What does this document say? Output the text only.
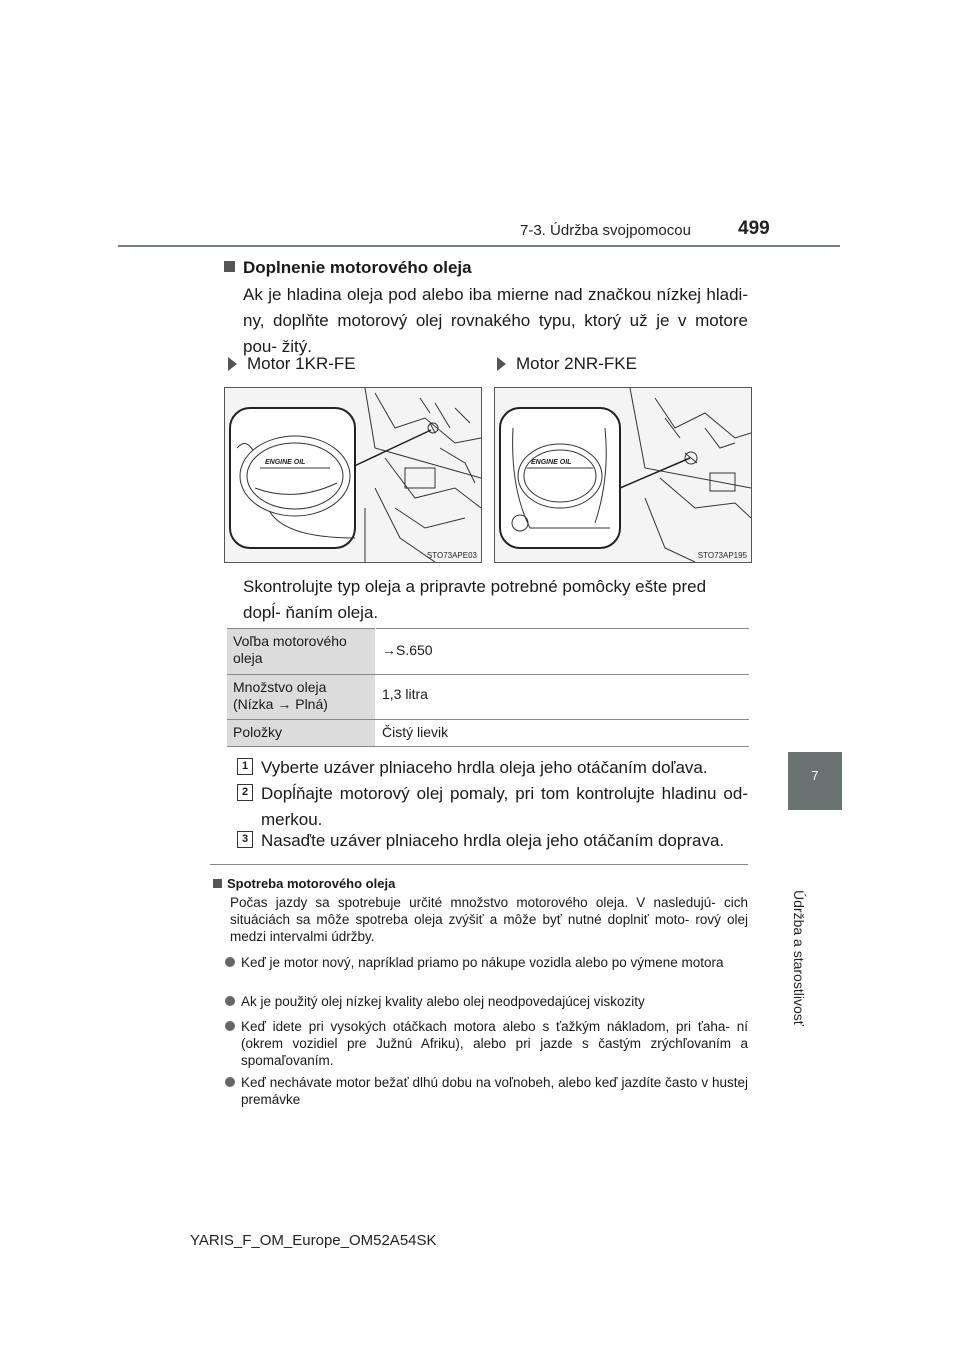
7-3. Údržba svojpomocou 499
7
Údržba a starostlivosť
Doplnenie motorového oleja
Ak je hladina oleja pod alebo iba mierne nad značkou nízkej hladi- ny, doplňte motorový olej rovnakého typu, ktorý už je v motore pou- žitý.
Motor 1KR-FE	Motor 2NR-FKE
ENGINE OIL
STO73APE03
ENGINE OIL
STO73AP195
Skontrolujte typ oleja a pripravte potrebné pomôcky ešte pred dopĺ- ňaním oleja.
Voľba motorového oleja	→S.650
Množstvo oleja (Nízka → Plná)	1,3 litra
Položky	Čistý lievik
1 Vyberte uzáver plniaceho hrdla oleja jeho otáčaním doľava.
2 Dopĺňajte motorový olej pomaly, pri tom kontrolujte hladinu od- merkou.
3 Nasaďte uzáver plniaceho hrdla oleja jeho otáčaním doprava.
Spotreba motorového oleja
Počas jazdy sa spotrebuje určité množstvo motorového oleja. V nasledujú- cich situáciách sa môže spotreba oleja zvýšiť a môže byť nutné doplniť moto- rový olej medzi intervalmi údržby.
Keď je motor nový, napríklad priamo po nákupe vozidla alebo po výmene motora
Ak je použitý olej nízkej kvality alebo olej neodpovedajúcej viskozity
Keď idete pri vysokých otáčkach motora alebo s ťažkým nákladom, pri ťaha- ní (okrem vozidiel pre Južnú Afriku), alebo pri jazde s častým zrýchľovaním a spomaľovaním.
Keď nechávate motor bežať dlhú dobu na voľnobeh, alebo keď jazdíte často v hustej premávke
YARIS_F_OM_Europe_OM52A54SK
